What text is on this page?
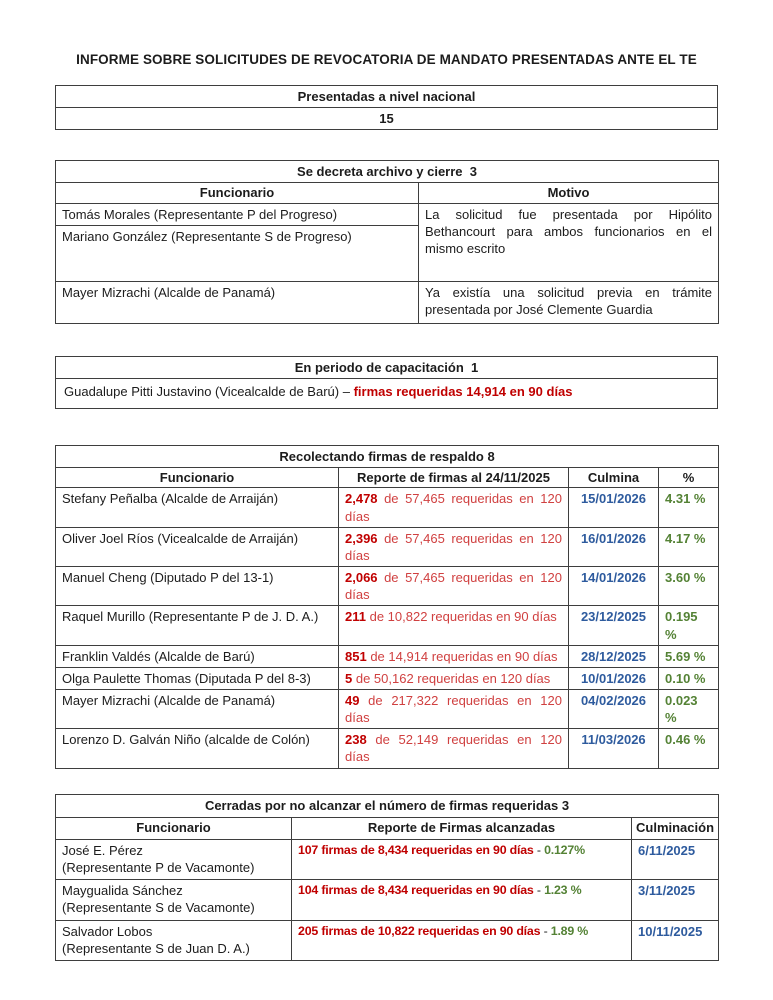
INFORME SOBRE SOLICITUDES DE REVOCATORIA DE MANDATO PRESENTADAS ANTE EL TE
Presentadas a nivel nacional
15
Se decreta archivo y cierre  3	
Funcionario	Motivo
Tomás Morales (Representante P del Progreso)	La solicitud fue presentada por Hipólito Bethancourt para ambos funcionarios en el mismo escrito
Mariano González (Representante S de Progreso)	
Mayer Mizrachi (Alcalde de Panamá)	Ya existía una solicitud previa en trámite presentada por José Clemente Guardia
En periodo de capacitación  1
Guadalupe Pitti Justavino (Vicealcalde de Barú) – firmas requeridas 14,914 en 90 días
Recolectando firmas de respaldo 8			
Funcionario	Reporte de firmas al 24/11/2025	Culmina	%
Stefany Peñalba (Alcalde de Arraiján)	2,478 de 57,465 requeridas en 120 días	15/01/2026	4.31 %
Oliver Joel Ríos (Vicealcalde de Arraiján)	2,396 de 57,465 requeridas en 120 días	16/01/2026	4.17 %
Manuel Cheng (Diputado P del 13-1)	2,066 de 57,465 requeridas en 120 días	14/01/2026	3.60 %
Raquel Murillo (Representante P de J. D. A.)	211 de 10,822 requeridas en 90 días	23/12/2025	0.195 %
Franklin Valdés (Alcalde de Barú)	851 de 14,914 requeridas en 90 días	28/12/2025	5.69 %
Olga Paulette Thomas (Diputada P del 8-3)	5 de 50,162 requeridas en 120 días	10/01/2026	0.10 %
Mayer Mizrachi (Alcalde de Panamá)	49 de 217,322 requeridas en 120 días	04/02/2026	0.023 %
Lorenzo D. Galván Niño (alcalde de Colón)	238 de 52,149 requeridas en 120 días	11/03/2026	0.46 %
Cerradas por no alcanzar el número de firmas requeridas 3		
Funcionario	Reporte de Firmas alcanzadas	Culminación

José E. Pérez
(Representante P de Vacamonte)	107 firmas de 8,434 requeridas en 90 días - 0.127%	6/11/2025

Maygualida Sánchez
(Representante S de Vacamonte)	104 firmas de 8,434 requeridas en 90 días - 1.23 %	3/11/2025

Salvador Lobos
(Representante S de Juan D. A.)	205 firmas de 10,822 requeridas en 90 días - 1.89 %	10/11/2025
